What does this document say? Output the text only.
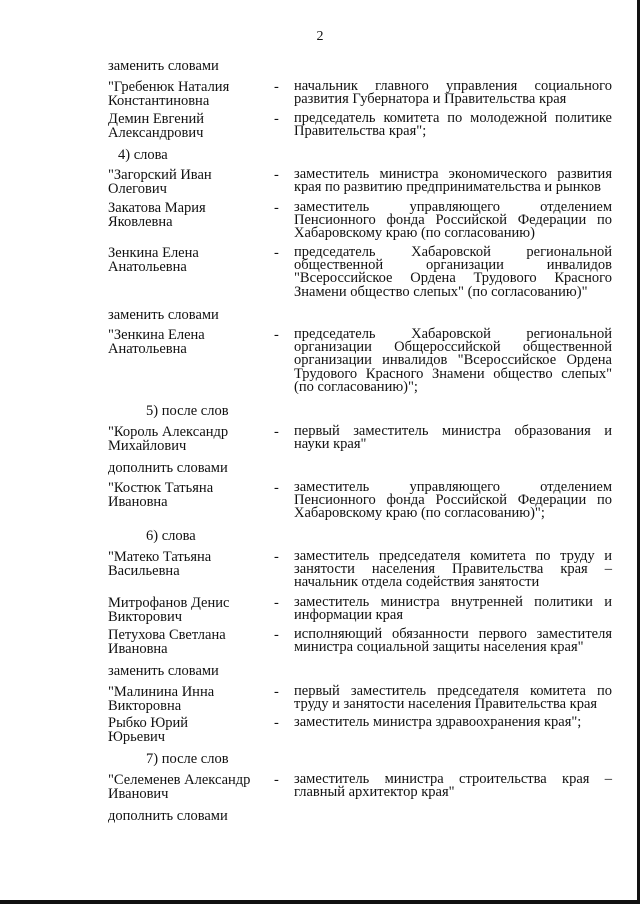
2
заменить словами
"Гребенюк Наталия
Константиновна
- начальник главного управления социального развития Губернатора и Правительства края
Демин Евгений
Александрович
- председатель комитета по молодежной политике Правительства края";
4) слова
"Загорский Иван
Олегович
- заместитель министра экономического развития края по развитию предпринимательства и рынков
Закатова Мария
Яковлевна
- заместитель управляющего отделением Пенсионного фонда Российской Федерации по Хабаровскому краю (по согласованию)
Зенкина Елена
Анатольевна
- председатель Хабаровской региональной общественной организации инвалидов "Всероссийское Ордена Трудового Красного Знамени общество слепых" (по согласованию)"
заменить словами
"Зенкина Елена
Анатольевна
- председатель Хабаровской региональной организации Общероссийской общественной организации инвалидов "Всероссийское Ордена Трудового Красного Знамени общество слепых" (по согласованию)";
5) после слов
"Король Александр
Михайлович
- первый заместитель министра образования и науки края"
дополнить словами
"Костюк Татьяна
Ивановна
- заместитель управляющего отделением Пенсионного фонда Российской Федерации по Хабаровскому краю (по согласованию)";
6) слова
"Матеко Татьяна
Васильевна
- заместитель председателя комитета по труду и занятости населения Правительства края – начальник отдела содействия занятости
Митрофанов Денис
Викторович
- заместитель министра внутренней политики и информации края
Петухова Светлана
Ивановна
- исполняющий обязанности первого заместителя министра социальной защиты населения края"
заменить словами
"Малинина Инна
Викторовна
- первый заместитель председателя комитета по труду и занятости населения Правительства края
Рыбко Юрий
Юрьевич
- заместитель министра здравоохранения края";
7) после слов
"Селеменев Александр
Иванович
- заместитель министра строительства края – главный архитектор края"
дополнить словами
